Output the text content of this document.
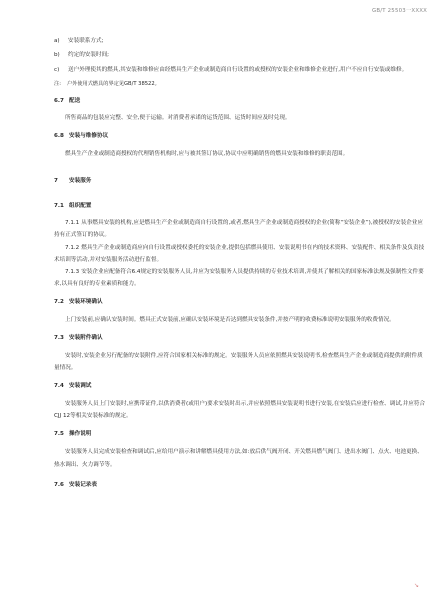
GB/T 25503一XXXX
a) 安装联系方式;
b) 约定的安装时间;
c) 送户外理使其的燃具,其安装和维修应由经燃具生产企业或制造商自行设置的或授权的安装企业和维修企业进行,用户不应自行安装或维修。
注: 户外使用式燃具的界定见GB/T 38522。
6.7 配送
所售商品的包装应完整、安全,便于运输。对消费者承诺的运货范围、运货时间应及时兑现。
6.8 安装与维修协议
燃具生产企业或制造商授权的代理销售机构时,应与被其签订协议,协议中应明确销售的燃具安装和维修的职责范围。
7 安装服务
7.1 组织配置
7.1.1 从事燃具安装的机构,应是燃具生产企业或制造商自行设置的,或者,燃具生产企业或制造商授权的企业(简称“安装企业”),被授权的安装企业应持有正式签订的协议。
7.1.2 燃具生产企业或制造商应向自行设置或授权委托的安装企业,提供包括燃具使用、安装说明书在内的技术资料、安装配件、相关条件及负责技术培训等活动,并对安装服务活动进行监督。
7.1.3 安装企业应配备符合6.4规定的安装服务人员,并应为安装服务人员提供持续的专业技术培训,并使其了解相关的国家标准法规及强制性文件要求,以具有良好的专业素质和能力。
7.2 安装环境确认
上门安装前,应确认安装时间。燃具正式安装前,应确认安装环境是否达到燃具安装条件,并按产明的收费标准说明安装服务的收费情况。
7.3 安装附件确认
安装时,安装企业另行配备的安装附件,应符合国家相关标准的规定。安装服务人员应依照燃具安装说明书,检查燃具生产企业或制造商提供的附件质量情况。
7.4 安装调试
安装服务人员上门安装时,应携带证件,以供消费者(或用户)要求安装时出示,并应依照燃具安装说明书进行安装,在安装后应进行检查、调试,并应符合CJJ 12等相关安装标准的规定。
7.5 操作说明
安装服务人员完成安装检查和调试后,应给用户演示和讲解燃具使用方法,如:放后供气阀开闭、开关燃具燃气阀门、进出水阀门、点火、电池更换、热水调出、火力调节等。
7.6 安装记录表
↘
